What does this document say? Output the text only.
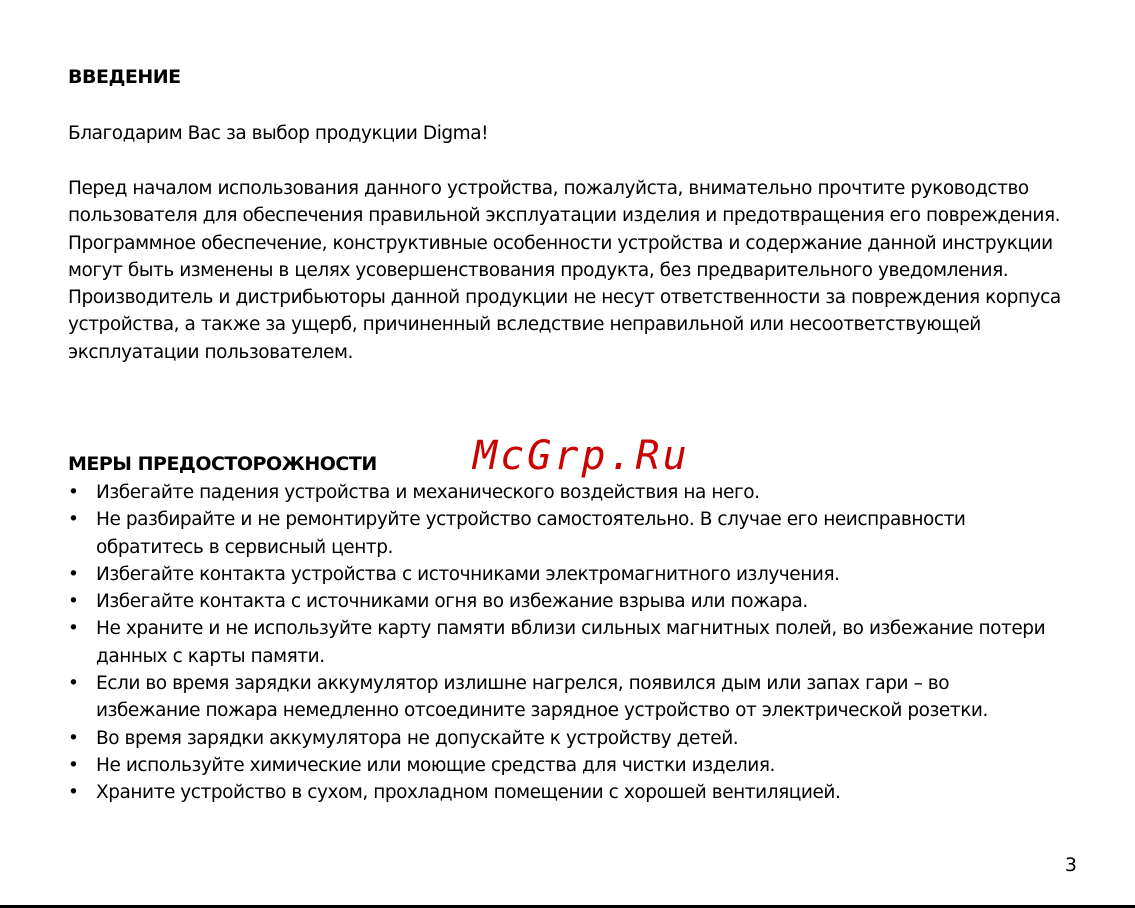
ВВЕДЕНИЕ

Благодарим Вас за выбор продукции Digma!

Перед началом использования данного устройства, пожалуйста, внимательно прочтите руководство пользователя для обеспечения правильной эксплуатации изделия и предотвращения его повреждения. Программное обеспечение, конструктивные особенности устройства и содержание данной инструкции могут быть изменены в целях усовершенствования продукта, без предварительного уведомления. Производитель и дистрибьюторы данной продукции не несут ответственности за повреждения корпуса устройства, а также за ущерб, причиненный вследствие неправильной или несоответствующей эксплуатации пользователем.

МЕРЫ ПРЕДОСТОРОЖНОСТИ McGrp.Ru
• Избегайте падения устройства и механического воздействия на него.
• Не разбирайте и не ремонтируйте устройство самостоятельно. В случае его неисправности обратитесь в сервисный центр.
• Избегайте контакта устройства с источниками электромагнитного излучения.
• Избегайте контакта с источниками огня во избежание взрыва или пожара.
• Не храните и не используйте карту памяти вблизи сильных магнитных полей, во избежание потери данных с карты памяти.
• Если во время зарядки аккумулятор излишне нагрелся, появился дым или запах гари – во избежание пожара немедленно отсоедините зарядное устройство от электрической розетки.
• Во время зарядки аккумулятора не допускайте к устройству детей.
• Не используйте химические или моющие средства для чистки изделия.
• Храните устройство в сухом, прохладном помещении с хорошей вентиляцией.
3
